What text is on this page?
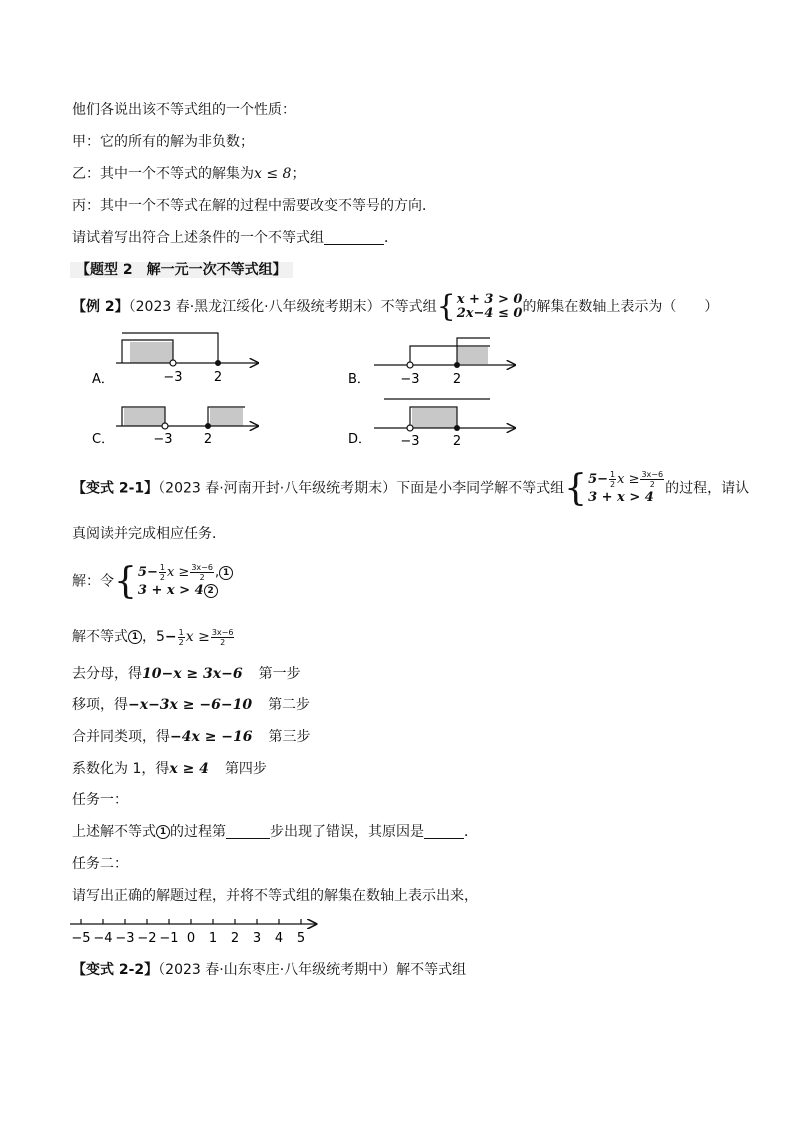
他们各说出该不等式组的一个性质：
甲：它的所有的解为非负数；
乙：其中一个不等式的解集为x ≤ 8；
丙：其中一个不等式在解的过程中需要改变不等号的方向．
请试着写出符合上述条件的一个不等式组	．
【题型 2　解一元一次不等式组】
【例 2】（2023 春·黑龙江绥化·八年级统考期末）不等式组 { x + 3 > 0
2x−4 ≤ 0 的解集在数轴上表示为（　　）
A．	−3 2	B． −3	2
C．	−3 2	D． −3	2
【变式 2-1】（2023 春·河南开封·八年级统考期末）下面是小李同学解不等式组 { $5- \frac{1}{2}$ $x \ge \frac{3x-6}{2}$
3 + x > 4
的过程，请认
真阅读并完成相应任务．
解：令 { $5- \frac{1}{2}$ $x \ge \frac{3x-6}{2}$ , 1
3 + x > 4 2
解不等式 1 ，$5- \frac{1}{2}$ $x \ge \frac{3x-6}{2}$
去分母，得10−x ≥ 3x−6 第一步
移项，得−x−3x ≥ −6−10 第二步
合并同类项，得−4x ≥ −16 第三步
系数化为 1，得x ≥ 4 第四步
任务一：
上述解不等式 1 的过程第	步出现了错误，其原因是	．
任务二：
请写出正确的解题过程，并将不等式组的解集在数轴上表示出来，
−5 −4 −3 −2 −1 0 1 2 3 4 5
【变式 2-2】（2023 春·山东枣庄·八年级统考期中）解不等式组
